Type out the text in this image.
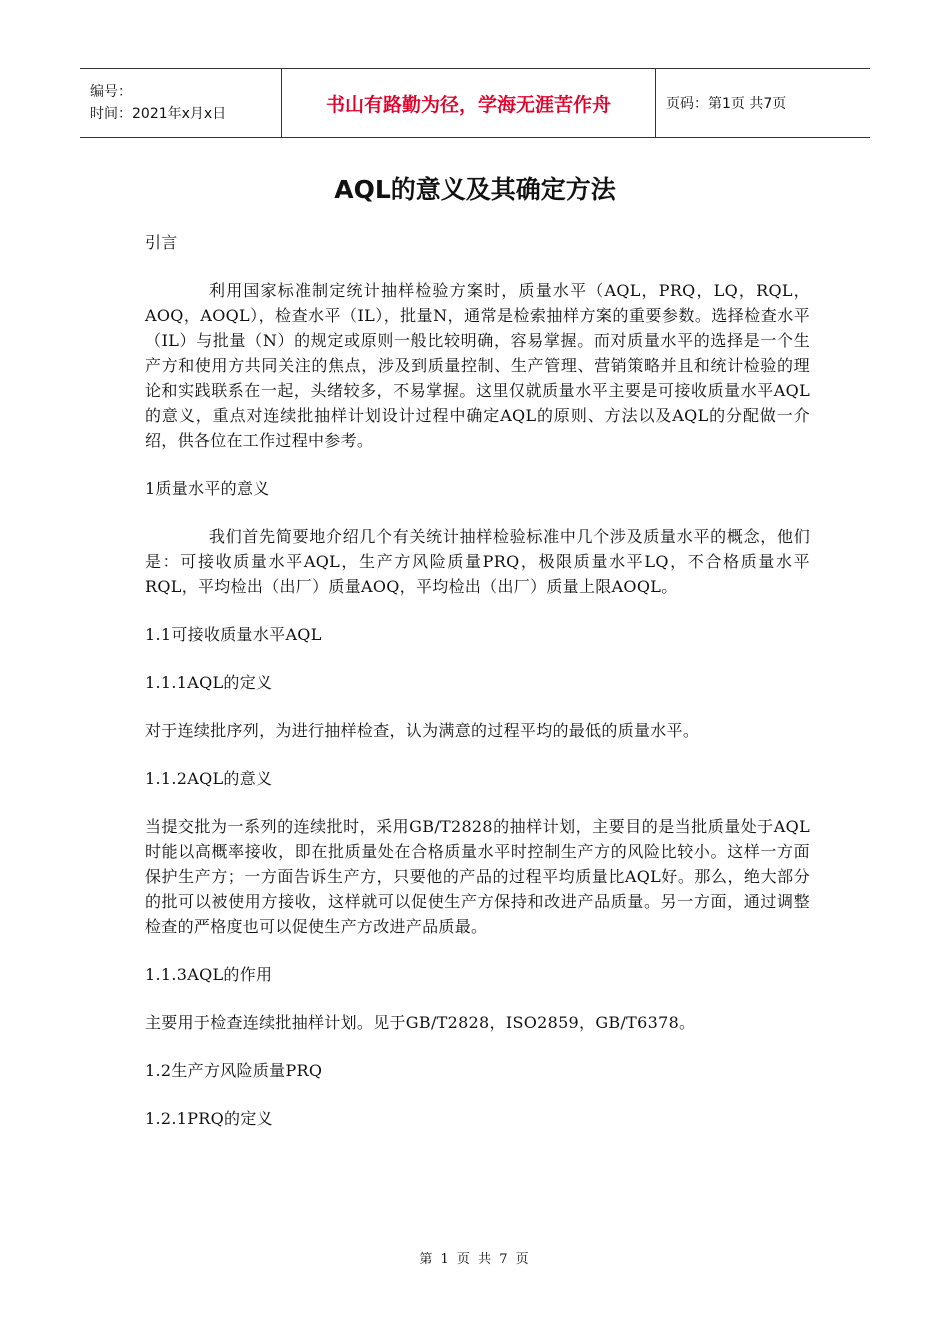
编号：
时间：2021年x月x日	书山有路勤为径，学海无涯苦作舟	页码：第1页 共7页
AQL的意义及其确定方法

引言

利用国家标准制定统计抽样检验方案时，质量水平（AQL，PRQ，LQ，RQL，AOQ，AOQL），检查水平（IL），批量N，通常是检索抽样方案的重要参数。选择检查水平（IL）与批量（N）的规定或原则一般比较明确，容易掌握。而对质量水平的选择是一个生产方和使用方共同关注的焦点，涉及到质量控制、生产管理、营销策略并且和统计检验的理论和实践联系在一起，头绪较多，不易掌握。这里仅就质量水平主要是可接收质量水平AQL的意义，重点对连续批抽样计划设计过程中确定AQL的原则、方法以及AQL的分配做一介绍，供各位在工作过程中参考。

1质量水平的意义

我们首先简要地介绍几个有关统计抽样检验标准中几个涉及质量水平的概念，他们是：可接收质量水平AQL，生产方风险质量PRQ，极限质量水平LQ，不合格质量水平RQL，平均检出（出厂）质量AOQ，平均检出（出厂）质量上限AOQL。

1.1可接收质量水平AQL

1.1.1AQL的定义

对于连续批序列，为进行抽样检查，认为满意的过程平均的最低的质量水平。

1.1.2AQL的意义

当提交批为一系列的连续批时，采用GB/T2828的抽样计划，主要目的是当批质量处于AQL时能以高概率接收，即在批质量处在合格质量水平时控制生产方的风险比较小。这样一方面保护生产方；一方面告诉生产方，只要他的产品的过程平均质量比AQL好。那么，绝大部分的批可以被使用方接收，这样就可以促使生产方保持和改进产品质量。另一方面，通过调整检查的严格度也可以促使生产方改进产品质最。

1.1.3AQL的作用

主要用于检查连续批抽样计划。见于GB/T2828，ISO2859，GB/T6378。

1.2生产方风险质量PRQ

1.2.1PRQ的定义

第 1 页 共 7 页
